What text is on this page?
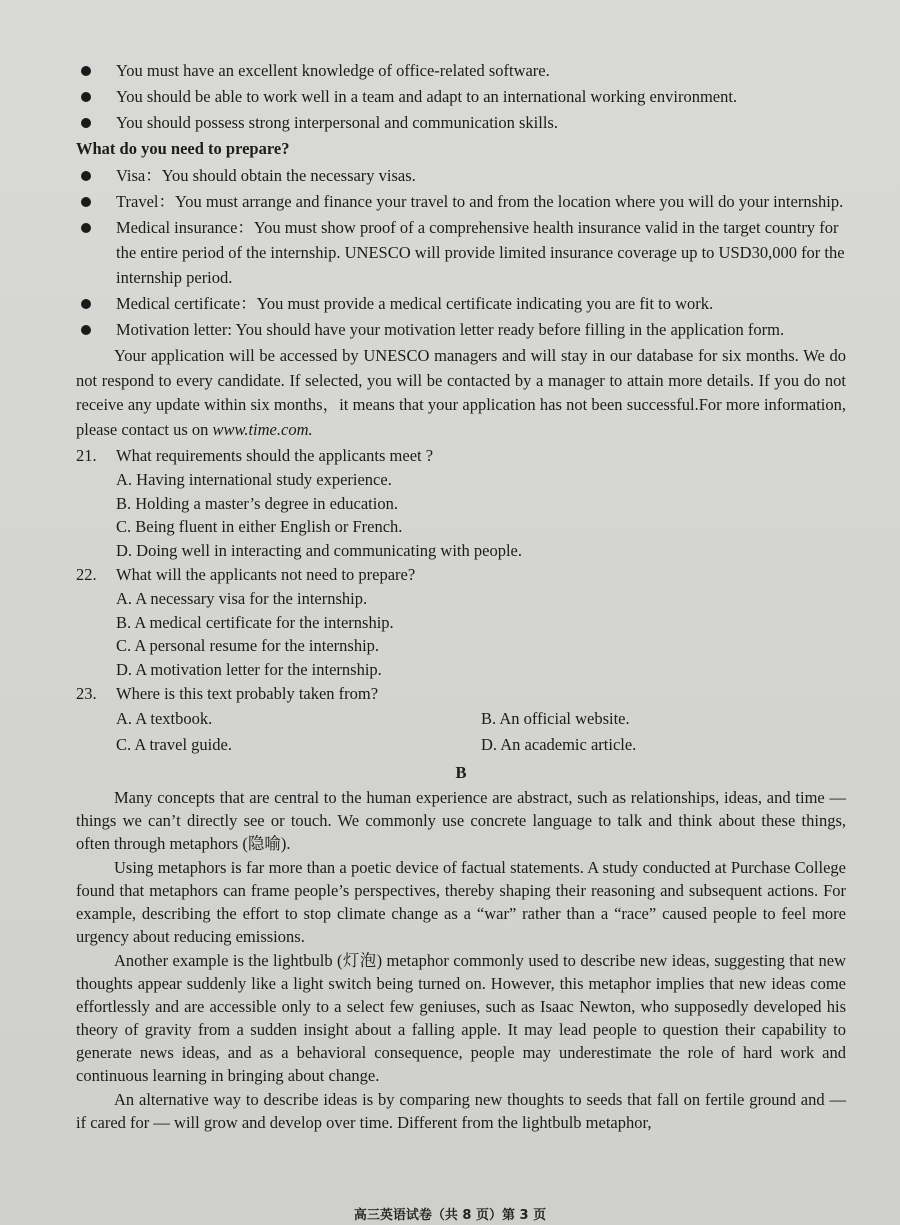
You must have an excellent knowledge of office-related software.
You should be able to work well in a team and adapt to an international working environment.
You should possess strong interpersonal and communication skills.
What do you need to prepare?
Visa：You should obtain the necessary visas.
Travel：You must arrange and finance your travel to and from the location where you will do your internship.
Medical insurance：You must show proof of a comprehensive health insurance valid in the target country for the entire period of the internship. UNESCO will provide limited insurance coverage up to USD30,000 for the internship period.
Medical certificate：You must provide a medical certificate indicating you are fit to work.
Motivation letter: You should have your motivation letter ready before filling in the application form.
Your application will be accessed by UNESCO managers and will stay in our database for six months. We do not respond to every candidate. If selected, you will be contacted by a manager to attain more details. If you do not receive any update within six months，it means that your application has not been successful.For more information, please contact us on www.time.com.
21. What requirements should the applicants meet ?
A. Having international study experience.
B. Holding a master’s degree in education.
C. Being fluent in either English or French.
D. Doing well in interacting and communicating with people.
22. What will the applicants not need to prepare?
A. A necessary visa for the internship.
B. A medical certificate for the internship.
C. A personal resume for the internship.
D. A motivation letter for the internship.
23. Where is this text probably taken from?
A. A textbook.	B. An official website.
C. A travel guide.	D. An academic article.
B
Many concepts that are central to the human experience are abstract, such as relationships, ideas, and time — things we can’t directly see or touch. We commonly use concrete language to talk and think about these things, often through metaphors (隐喻).
Using metaphors is far more than a poetic device of factual statements. A study conducted at Purchase College found that metaphors can frame people’s perspectives, thereby shaping their reasoning and subsequent actions. For example, describing the effort to stop climate change as a “war” rather than a “race” caused people to feel more urgency about reducing emissions.
Another example is the lightbulb (灯泡) metaphor commonly used to describe new ideas, suggesting that new thoughts appear suddenly like a light switch being turned on. However, this metaphor implies that new ideas come effortlessly and are accessible only to a select few geniuses, such as Isaac Newton, who supposedly developed his theory of gravity from a sudden insight about a falling apple. It may lead people to question their capability to generate news ideas, and as a behavioral consequence, people may underestimate the role of hard work and continuous learning in bringing about change.
An alternative way to describe ideas is by comparing new thoughts to seeds that fall on fertile ground and — if cared for — will grow and develop over time. Different from the lightbulb metaphor,
高三英语试卷（共 8 页）第 3 页
